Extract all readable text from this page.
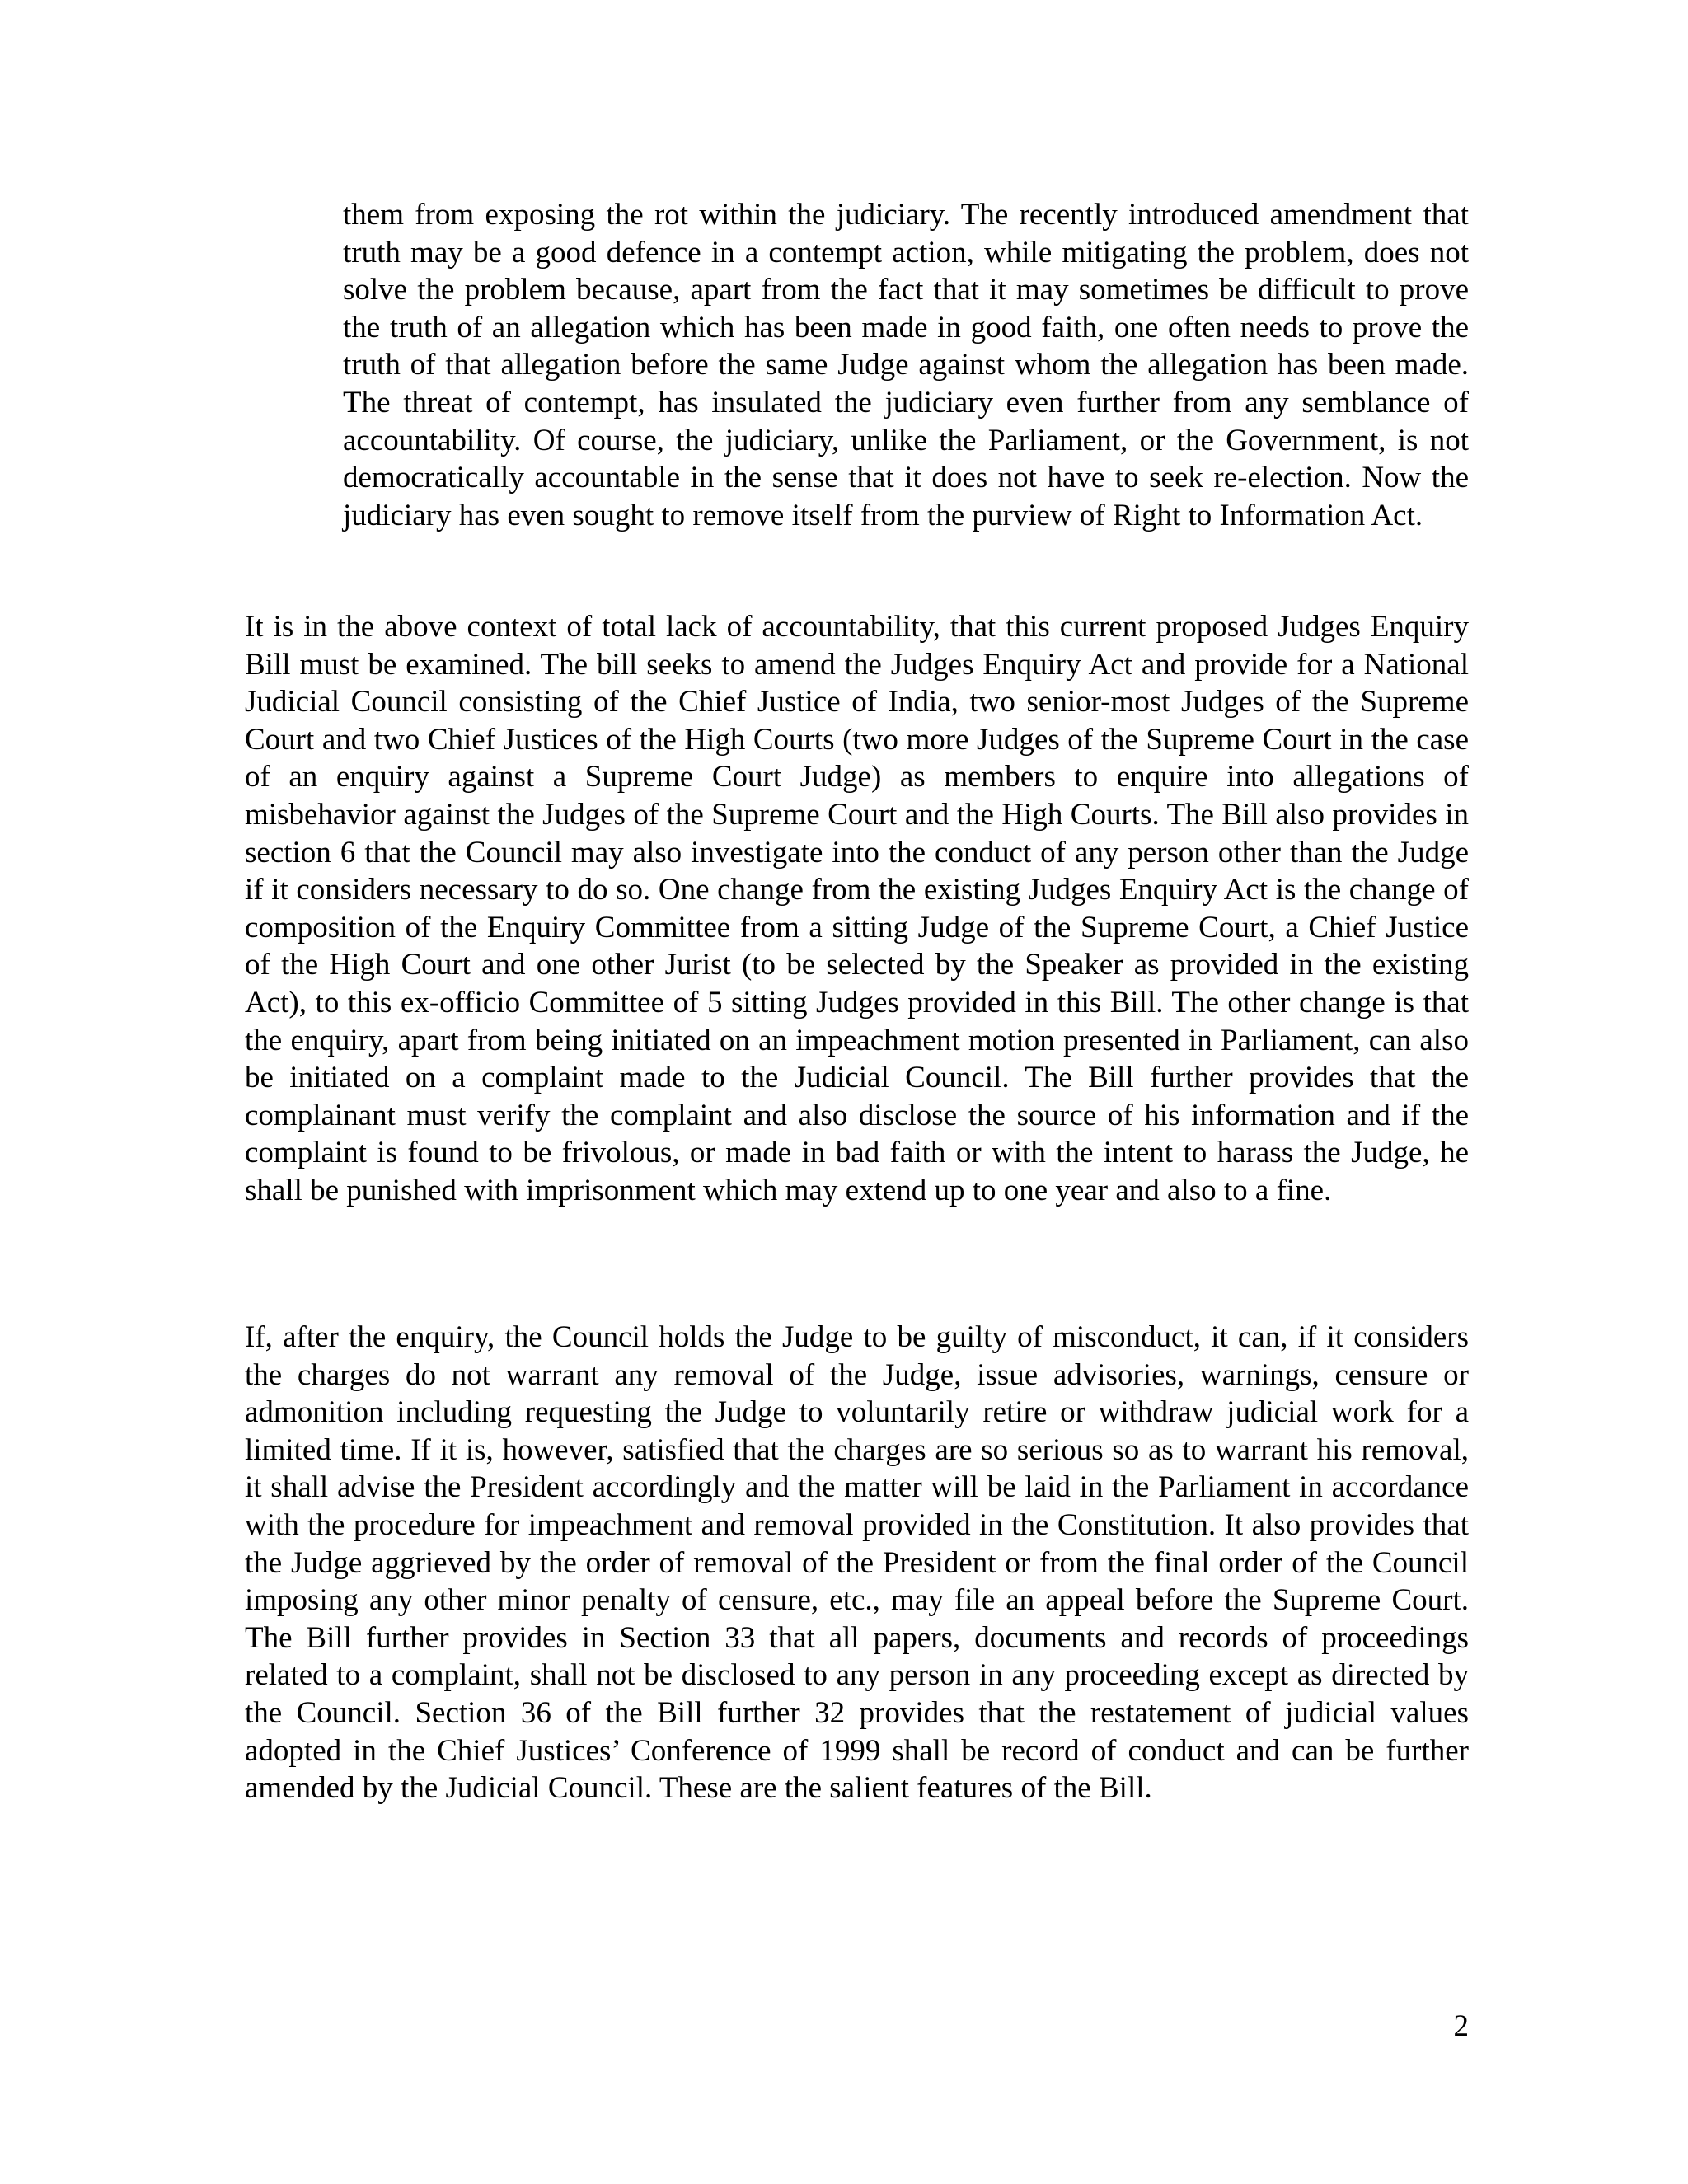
them from exposing the rot within the judiciary. The recently introduced amendment that truth may be a good defence in a contempt action, while mitigating the problem, does not solve the problem because, apart from the fact that it may sometimes be difficult to prove the truth of an allegation which has been made in good faith, one often needs to prove the truth of that allegation before the same Judge against whom the allegation has been made. The threat of contempt, has insulated the judiciary even further from any semblance of accountability. Of course, the judiciary, unlike the Parliament, or the Government, is not democratically accountable in the sense that it does not have to seek re-election. Now the judiciary has even sought to remove itself from the purview of Right to Information Act.

It is in the above context of total lack of accountability, that this current proposed Judges Enquiry Bill must be examined. The bill seeks to amend the Judges Enquiry Act and provide for a National Judicial Council consisting of the Chief Justice of India, two senior-most Judges of the Supreme Court and two Chief Justices of the High Courts (two more Judges of the Supreme Court in the case of an enquiry against a Supreme Court Judge) as members to enquire into allegations of misbehavior against the Judges of the Supreme Court and the High Courts. The Bill also provides in section 6 that the Council may also investigate into the conduct of any person other than the Judge if it considers necessary to do so. One change from the existing Judges Enquiry Act is the change of composition of the Enquiry Committee from a sitting Judge of the Supreme Court, a Chief Justice of the High Court and one other Jurist (to be selected by the Speaker as provided in the existing Act), to this ex-officio Committee of 5 sitting Judges provided in this Bill. The other change is that the enquiry, apart from being initiated on an impeachment motion presented in Parliament, can also be initiated on a complaint made to the Judicial Council. The Bill further provides that the complainant must verify the complaint and also disclose the source of his information and if the complaint is found to be frivolous, or made in bad faith or with the intent to harass the Judge, he shall be punished with imprisonment which may extend up to one year and also to a fine.

If, after the enquiry, the Council holds the Judge to be guilty of misconduct, it can, if it considers the charges do not warrant any removal of the Judge, issue advisories, warnings, censure or admonition including requesting the Judge to voluntarily retire or withdraw judicial work for a limited time. If it is, however, satisfied that the charges are so serious so as to warrant his removal, it shall advise the President accordingly and the matter will be laid in the Parliament in accordance with the procedure for impeachment and removal provided in the Constitution. It also provides that the Judge aggrieved by the order of removal of the President or from the final order of the Council imposing any other minor penalty of censure, etc., may file an appeal before the Supreme Court. The Bill further provides in Section 33 that all papers, documents and records of proceedings related to a complaint, shall not be disclosed to any person in any proceeding except as directed by the Council. Section 36 of the Bill further 32 provides that the restatement of judicial values adopted in the Chief Justices’ Conference of 1999 shall be record of conduct and can be further amended by the Judicial Council. These are the salient features of the Bill.

2
